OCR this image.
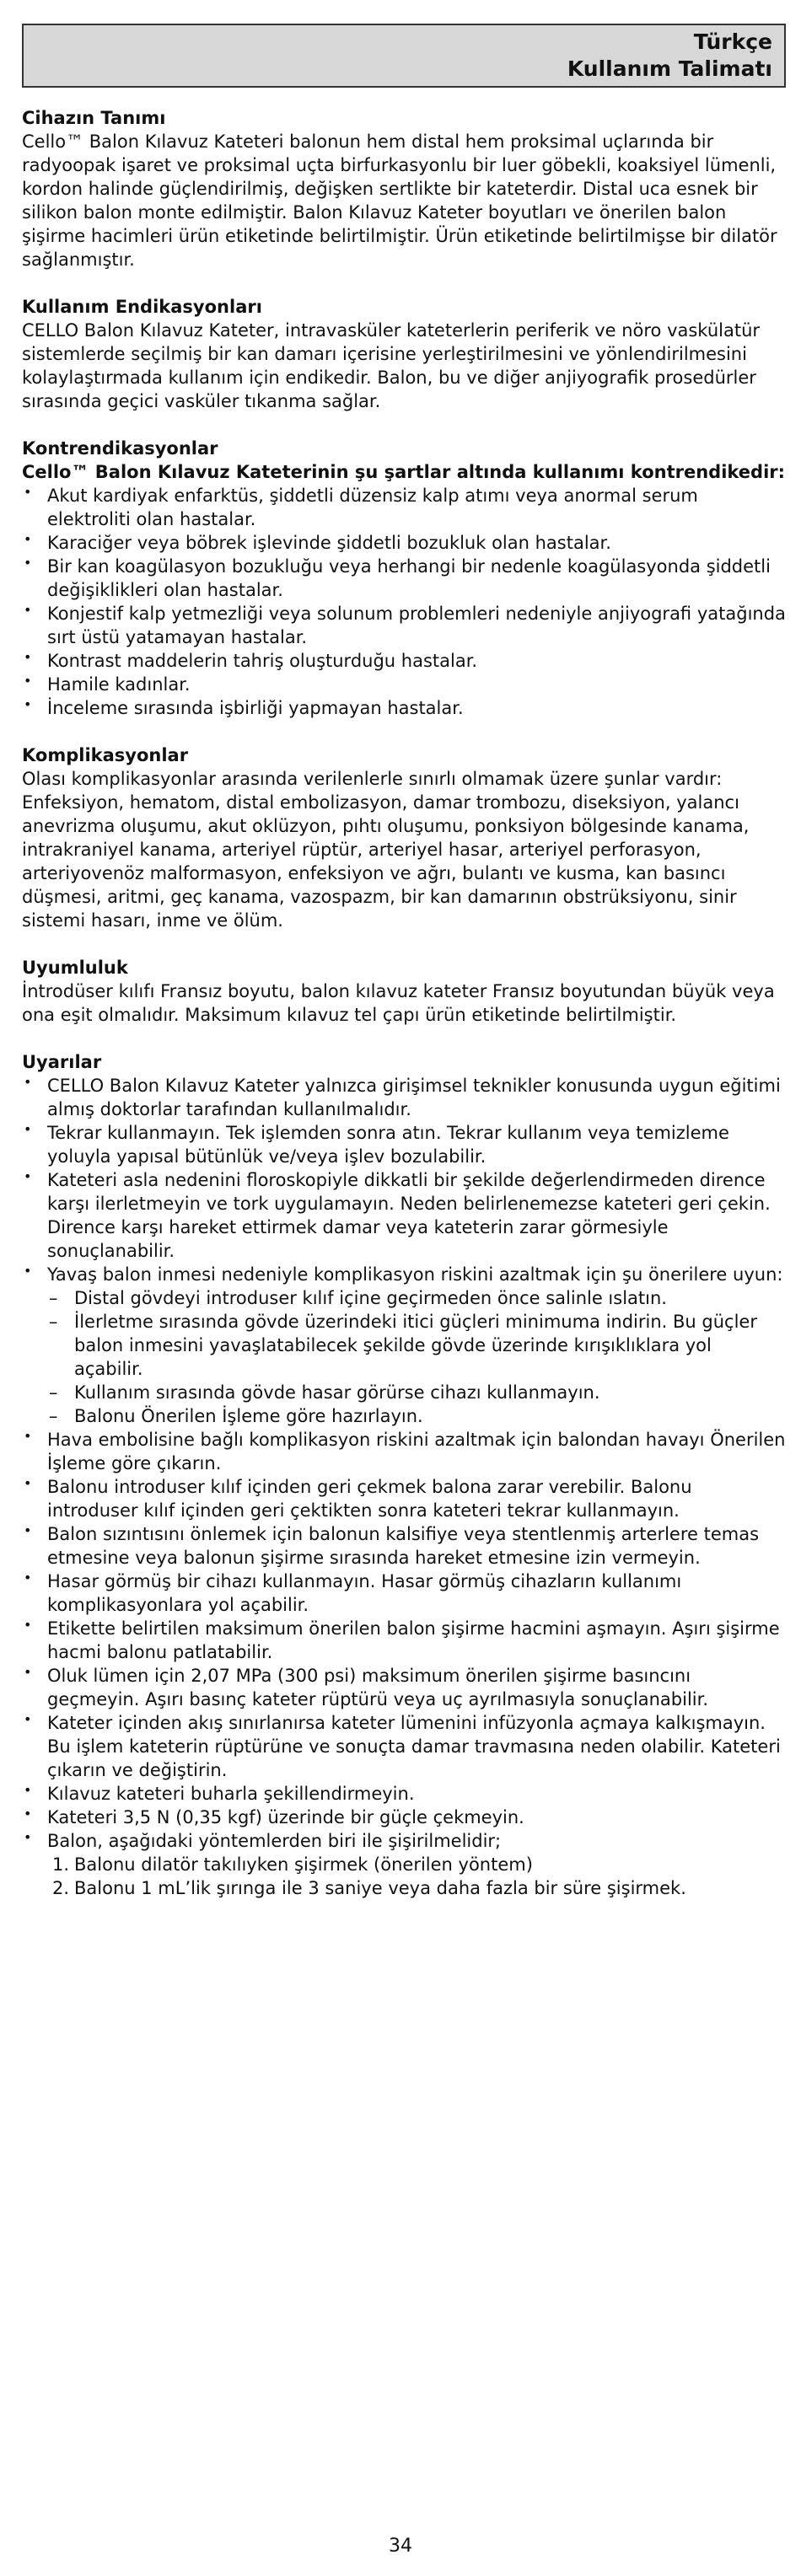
Türkçe
Kullanım Talimatı
Cihazın Tanımı

Cello™ Balon Kılavuz Kateteri balonun hem distal hem proksimal uçlarında bir radyoopak işaret ve proksimal uçta birfurkasyonlu bir luer göbekli, koaksiyel lümenli, kordon halinde güçlendirilmiş, değişken sertlikte bir kateterdir. Distal uca esnek bir silikon balon monte edilmiştir. Balon Kılavuz Kateter boyutları ve önerilen balon şişirme hacimleri ürün etiketinde belirtilmiştir. Ürün etiketinde belirtilmişse bir dilatör sağlanmıştır.

Kullanım Endikasyonları

CELLO Balon Kılavuz Kateter, intravasküler kateterlerin periferik ve nöro vaskülatür sistemlerde seçilmiş bir kan damarı içerisine yerleştirilmesini ve yönlendirilmesini kolaylaştırmada kullanım için endikedir. Balon, bu ve diğer anjiyografik prosedürler sırasında geçici vasküler tıkanma sağlar.

Kontrendikasyonlar
Cello™ Balon Kılavuz Kateterinin şu şartlar altında kullanımı kontrendikedir:
• Akut kardiyak enfarktüs, şiddetli düzensiz kalp atımı veya anormal serum elektroliti olan hastalar.
• Karaciğer veya böbrek işlevinde şiddetli bozukluk olan hastalar.
• Bir kan koagülasyon bozukluğu veya herhangi bir nedenle koagülasyonda şiddetli değişiklikleri olan hastalar.
• Konjestif kalp yetmezliği veya solunum problemleri nedeniyle anjiyografi yatağında sırt üstü yatamayan hastalar.
• Kontrast maddelerin tahriş oluşturduğu hastalar.
• Hamile kadınlar.
• İnceleme sırasında işbirliği yapmayan hastalar.
Komplikasyonlar

Olası komplikasyonlar arasında verilenlerle sınırlı olmamak üzere şunlar vardır:

Enfeksiyon, hematom, distal embolizasyon, damar trombozu, diseksiyon, yalancı anevrizma oluşumu, akut oklüzyon, pıhtı oluşumu, ponksiyon bölgesinde kanama, intrakraniyel kanama, arteriyel rüptür, arteriyel hasar, arteriyel perforasyon, arteriyovenöz malformasyon, enfeksiyon ve ağrı, bulantı ve kusma, kan basıncı düşmesi, aritmi, geç kanama, vazospazm, bir kan damarının obstrüksiyonu, sinir sistemi hasarı, inme ve ölüm.

Uyumluluk

İntrodüser kılıfı Fransız boyutu, balon kılavuz kateter Fransız boyutundan büyük veya ona eşit olmalıdır. Maksimum kılavuz tel çapı ürün etiketinde belirtilmiştir.

Uyarılar
• CELLO Balon Kılavuz Kateter yalnızca girişimsel teknikler konusunda uygun eğitimi almış doktorlar tarafından kullanılmalıdır.
• Tekrar kullanmayın. Tek işlemden sonra atın. Tekrar kullanım veya temizleme yoluyla yapısal bütünlük ve/veya işlev bozulabilir.
• Kateteri asla nedenini floroskopiyle dikkatli bir şekilde değerlendirmeden dirence karşı ilerletmeyin ve tork uygulamayın. Neden belirlenemezse kateteri geri çekin. Dirence karşı hareket ettirmek damar veya kateterin zarar görmesiyle sonuçlanabilir.
• Yavaş balon inmesi nedeniyle komplikasyon riskini azaltmak için şu önerilere uyun:
– Distal gövdeyi introduser kılıf içine geçirmeden önce salinle ıslatın.
– İlerletme sırasında gövde üzerindeki itici güçleri minimuma indirin. Bu güçler balon inmesini yavaşlatabilecek şekilde gövde üzerinde kırışıklıklara yol açabilir.
– Kullanım sırasında gövde hasar görürse cihazı kullanmayın.
– Balonu Önerilen İşleme göre hazırlayın.
• Hava embolisine bağlı komplikasyon riskini azaltmak için balondan havayı Önerilen İşleme göre çıkarın.
• Balonu introduser kılıf içinden geri çekmek balona zarar verebilir. Balonu introduser kılıf içinden geri çektikten sonra kateteri tekrar kullanmayın.
• Balon sızıntısını önlemek için balonun kalsifiye veya stentlenmiş arterlere temas etmesine veya balonun şişirme sırasında hareket etmesine izin vermeyin.
• Hasar görmüş bir cihazı kullanmayın. Hasar görmüş cihazların kullanımı komplikasyonlara yol açabilir.
• Etikette belirtilen maksimum önerilen balon şişirme hacmini aşmayın. Aşırı şişirme hacmi balonu patlatabilir.
• Oluk lümen için 2,07 MPa (300 psi) maksimum önerilen şişirme basıncını geçmeyin. Aşırı basınç kateter rüptürü veya uç ayrılmasıyla sonuçlanabilir.
• Kateter içinden akış sınırlanırsa kateter lümenini infüzyonla açmaya kalkışmayın. Bu işlem kateterin rüptürüne ve sonuçta damar travmasına neden olabilir. Kateteri çıkarın ve değiştirin.
• Kılavuz kateteri buharla şekillendirmeyin.
• Kateteri 3,5 N (0,35 kgf) üzerinde bir güçle çekmeyin.
• Balon, aşağıdaki yöntemlerden biri ile şişirilmelidir;
1. Balonu dilatör takılıyken şişirmek (önerilen yöntem)
2. Balonu 1 mL’lik şırınga ile 3 saniye veya daha fazla bir süre şişirmek.
34
